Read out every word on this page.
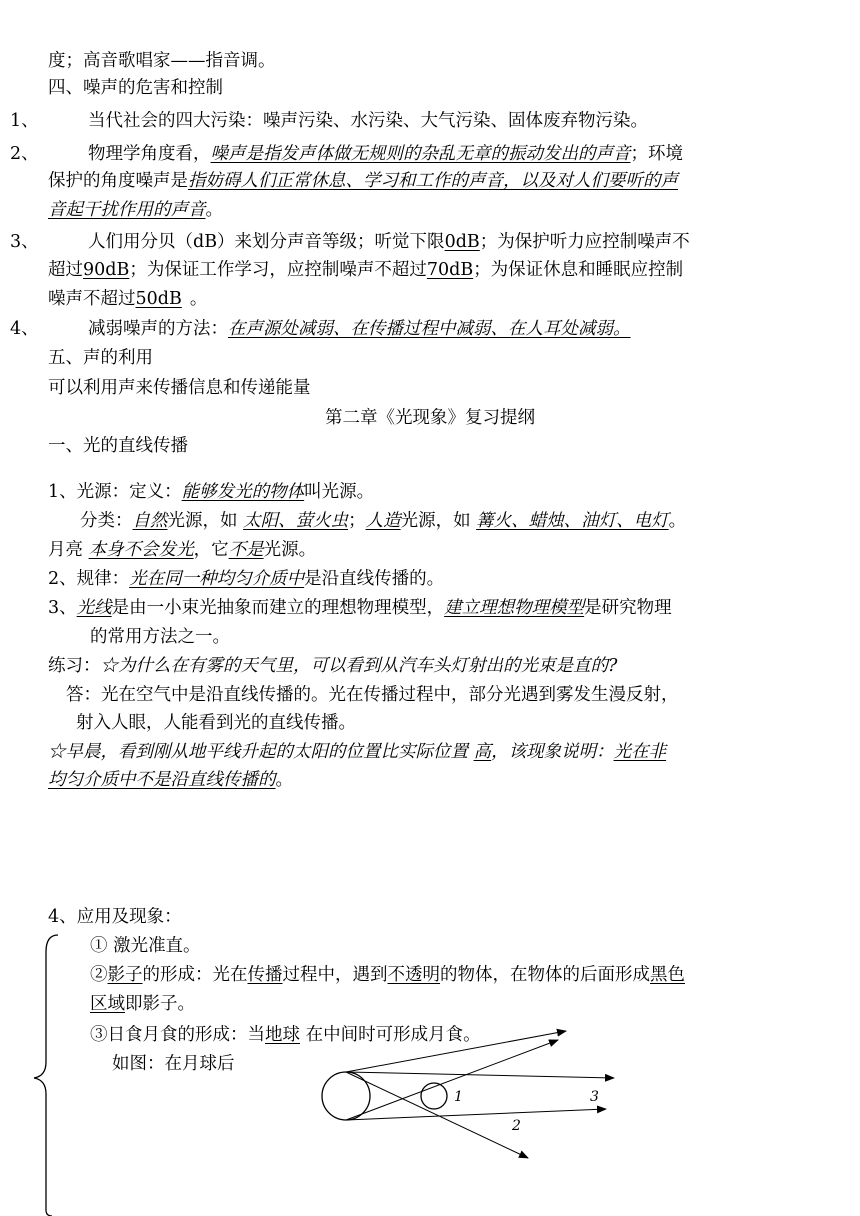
度；高音歌唱家——指音调。
四、噪声的危害和控制
1、	当代社会的四大污染：噪声污染、水污染、大气污染、固体废弃物污染。
2、	物理学角度看，噪声是指发声体做无规则的杂乱无章的振动发出的声音；环境
保护的角度噪声是指妨碍人们正常休息、学习和工作的声音，以及对人们要听的声
音起干扰作用的声音。
3、	人们用分贝（dB）来划分声音等级；听觉下限0dB；为保护听力应控制噪声不
超过90dB；为保证工作学习，应控制噪声不超过70dB；为保证休息和睡眠应控制
噪声不超过50dB 。
4、	减弱噪声的方法：在声源处减弱、在传播过程中减弱、在人耳处减弱。
五、声的利用
可以利用声来传播信息和传递能量
第二章《光现象》复习提纲
一、光的直线传播
1、光源：定义：能够发光的物体叫光源。
分类：自然光源，如 太阳、萤火虫；人造光源，如 篝火、蜡烛、油灯、电灯。
月亮 本身不会发光，它不是光源。
2、规律：光在同一种均匀介质中是沿直线传播的。
3、光线是由一小束光抽象而建立的理想物理模型，建立理想物理模型是研究物理
的常用方法之一。
练习：☆为什么在有雾的天气里，可以看到从汽车头灯射出的光束是直的?
答：光在空气中是沿直线传播的。光在传播过程中，部分光遇到雾发生漫反射，
射入人眼，人能看到光的直线传播。
☆早晨，看到刚从地平线升起的太阳的位置比实际位置 高，该现象说明：光在非
均匀介质中不是沿直线传播的。
4、应用及现象：
① 激光准直。
②影子的形成：光在传播过程中，遇到不透明的物体，在物体的后面形成黑色
区域即影子。
③日食月食的形成：当地球 在中间时可形成月食。
如图：在月球后
1
2
3
